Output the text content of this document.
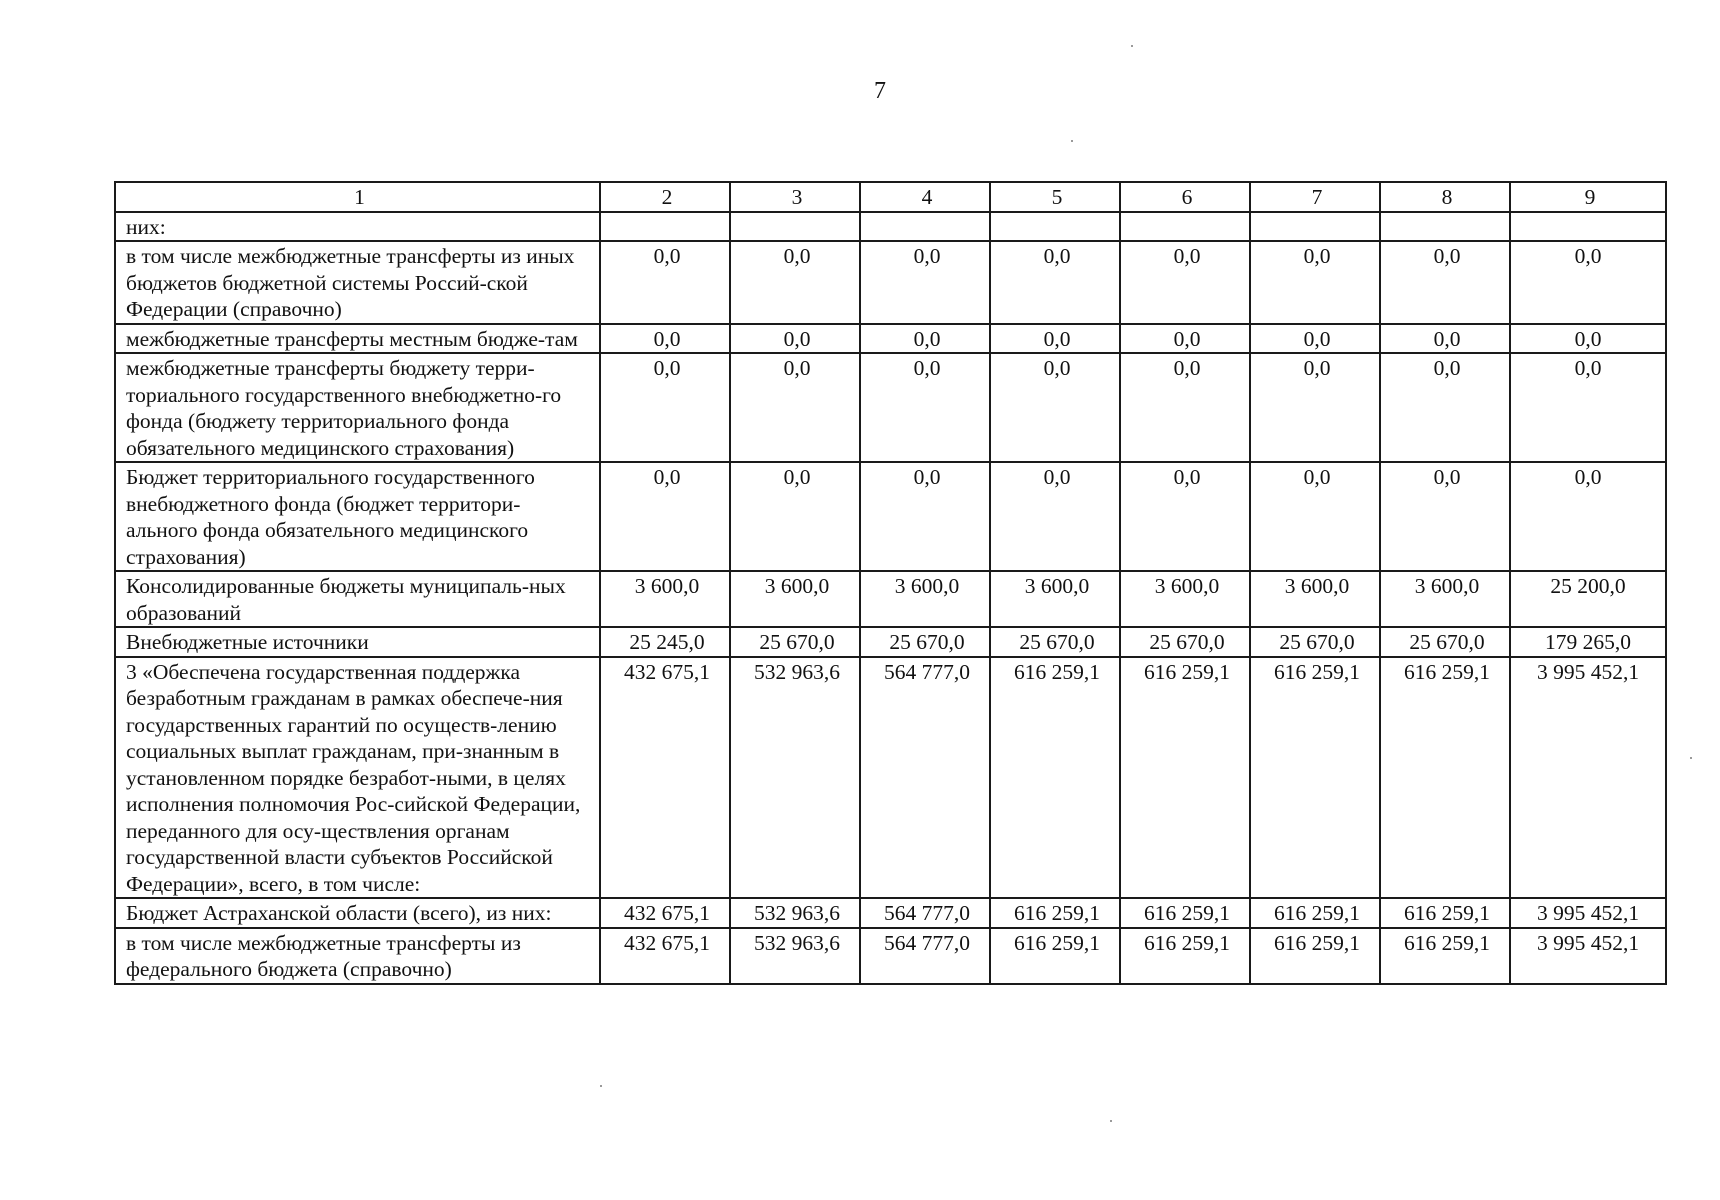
7
1	2	3	4	5	6	7	8	9
них:								
в том числе межбюджетные трансферты из иных бюджетов бюджетной системы Россий-ской Федерации (справочно)	0,0	0,0	0,0	0,0	0,0	0,0	0,0	0,0
межбюджетные трансферты местным бюдже-там	0,0	0,0	0,0	0,0	0,0	0,0	0,0	0,0
межбюджетные трансферты бюджету терри-ториального государственного внебюджетно-го фонда (бюджету территориального фонда обязательного медицинского страхования)	0,0	0,0	0,0	0,0	0,0	0,0	0,0	0,0
Бюджет территориального государственного внебюджетного фонда (бюджет территори-ального фонда обязательного медицинского страхования)	0,0	0,0	0,0	0,0	0,0	0,0	0,0	0,0
Консолидированные бюджеты муниципаль-ных образований	3 600,0	3 600,0	3 600,0	3 600,0	3 600,0	3 600,0	3 600,0	25 200,0
Внебюджетные источники	25 245,0	25 670,0	25 670,0	25 670,0	25 670,0	25 670,0	25 670,0	179 265,0
3 «Обеспечена государственная поддержка безработным гражданам в рамках обеспече-ния государственных гарантий по осуществ-лению социальных выплат гражданам, при-знанным в установленном порядке безработ-ными, в целях исполнения полномочия Рос-сийской Федерации, переданного для осу-ществления органам государственной власти субъектов Российской Федерации», всего, в том числе:	432 675,1	532 963,6	564 777,0	616 259,1	616 259,1	616 259,1	616 259,1	3 995 452,1
Бюджет Астраханской области (всего), из них:	432 675,1	532 963,6	564 777,0	616 259,1	616 259,1	616 259,1	616 259,1	3 995 452,1
в том числе межбюджетные трансферты из федерального бюджета (справочно)	432 675,1	532 963,6	564 777,0	616 259,1	616 259,1	616 259,1	616 259,1	3 995 452,1
